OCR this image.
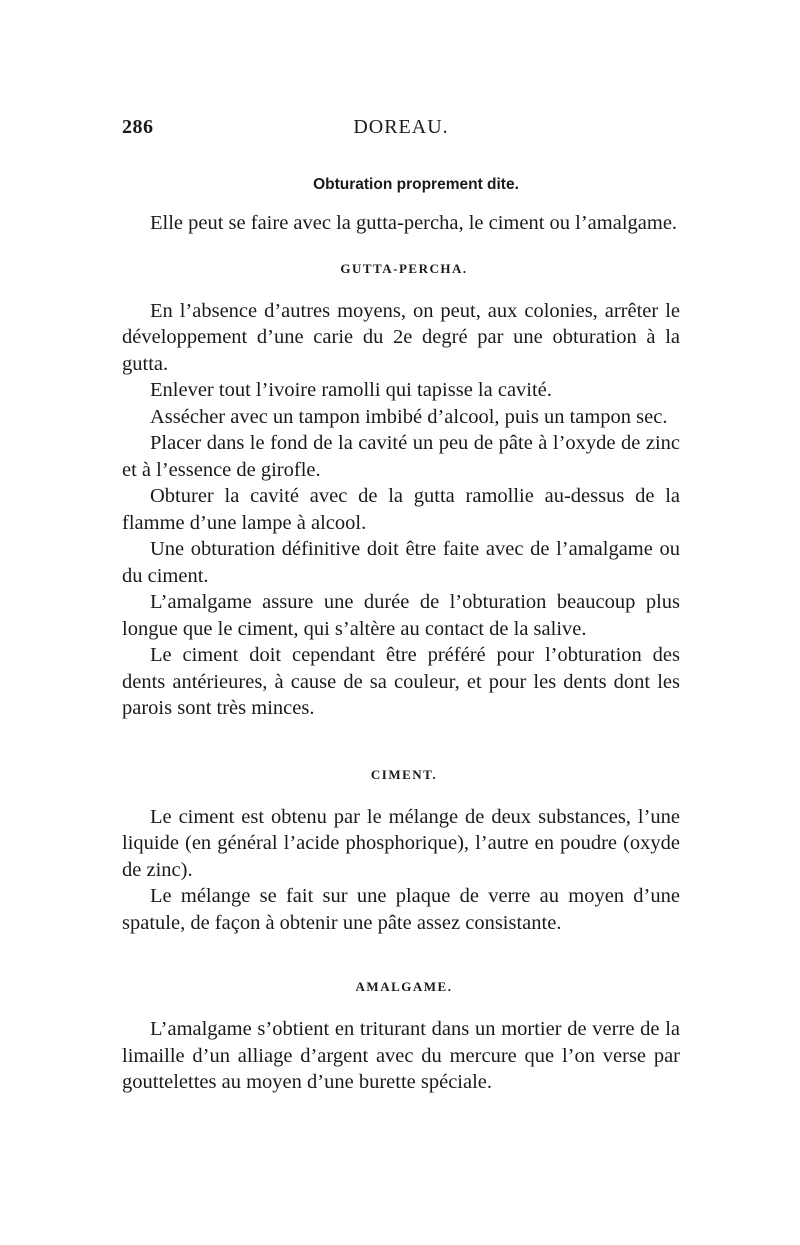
286	DOREAU.
Obturation proprement dite.

Elle peut se faire avec la gutta-percha, le ciment ou l’amalgame.

GUTTA-PERCHA.

En l’absence d’autres moyens, on peut, aux colonies, arrêter le développement d’une carie du 2e degré par une obturation à la gutta.

Enlever tout l’ivoire ramolli qui tapisse la cavité.

Assécher avec un tampon imbibé d’alcool, puis un tampon sec.

Placer dans le fond de la cavité un peu de pâte à l’oxyde de zinc et à l’essence de girofle.

Obturer la cavité avec de la gutta ramollie au-dessus de la flamme d’une lampe à alcool.

Une obturation définitive doit être faite avec de l’amalgame ou du ciment.

L’amalgame assure une durée de l’obturation beaucoup plus longue que le ciment, qui s’altère au contact de la salive.

Le ciment doit cependant être préféré pour l’obturation des dents antérieures, à cause de sa couleur, et pour les dents dont les parois sont très minces.

CIMENT.

Le ciment est obtenu par le mélange de deux substances, l’une liquide (en général l’acide phosphorique), l’autre en poudre (oxyde de zinc).

Le mélange se fait sur une plaque de verre au moyen d’une spatule, de façon à obtenir une pâte assez consistante.

AMALGAME.

L’amalgame s’obtient en triturant dans un mortier de verre de la limaille d’un alliage d’argent avec du mercure que l’on verse par gouttelettes au moyen d’une burette spéciale.
